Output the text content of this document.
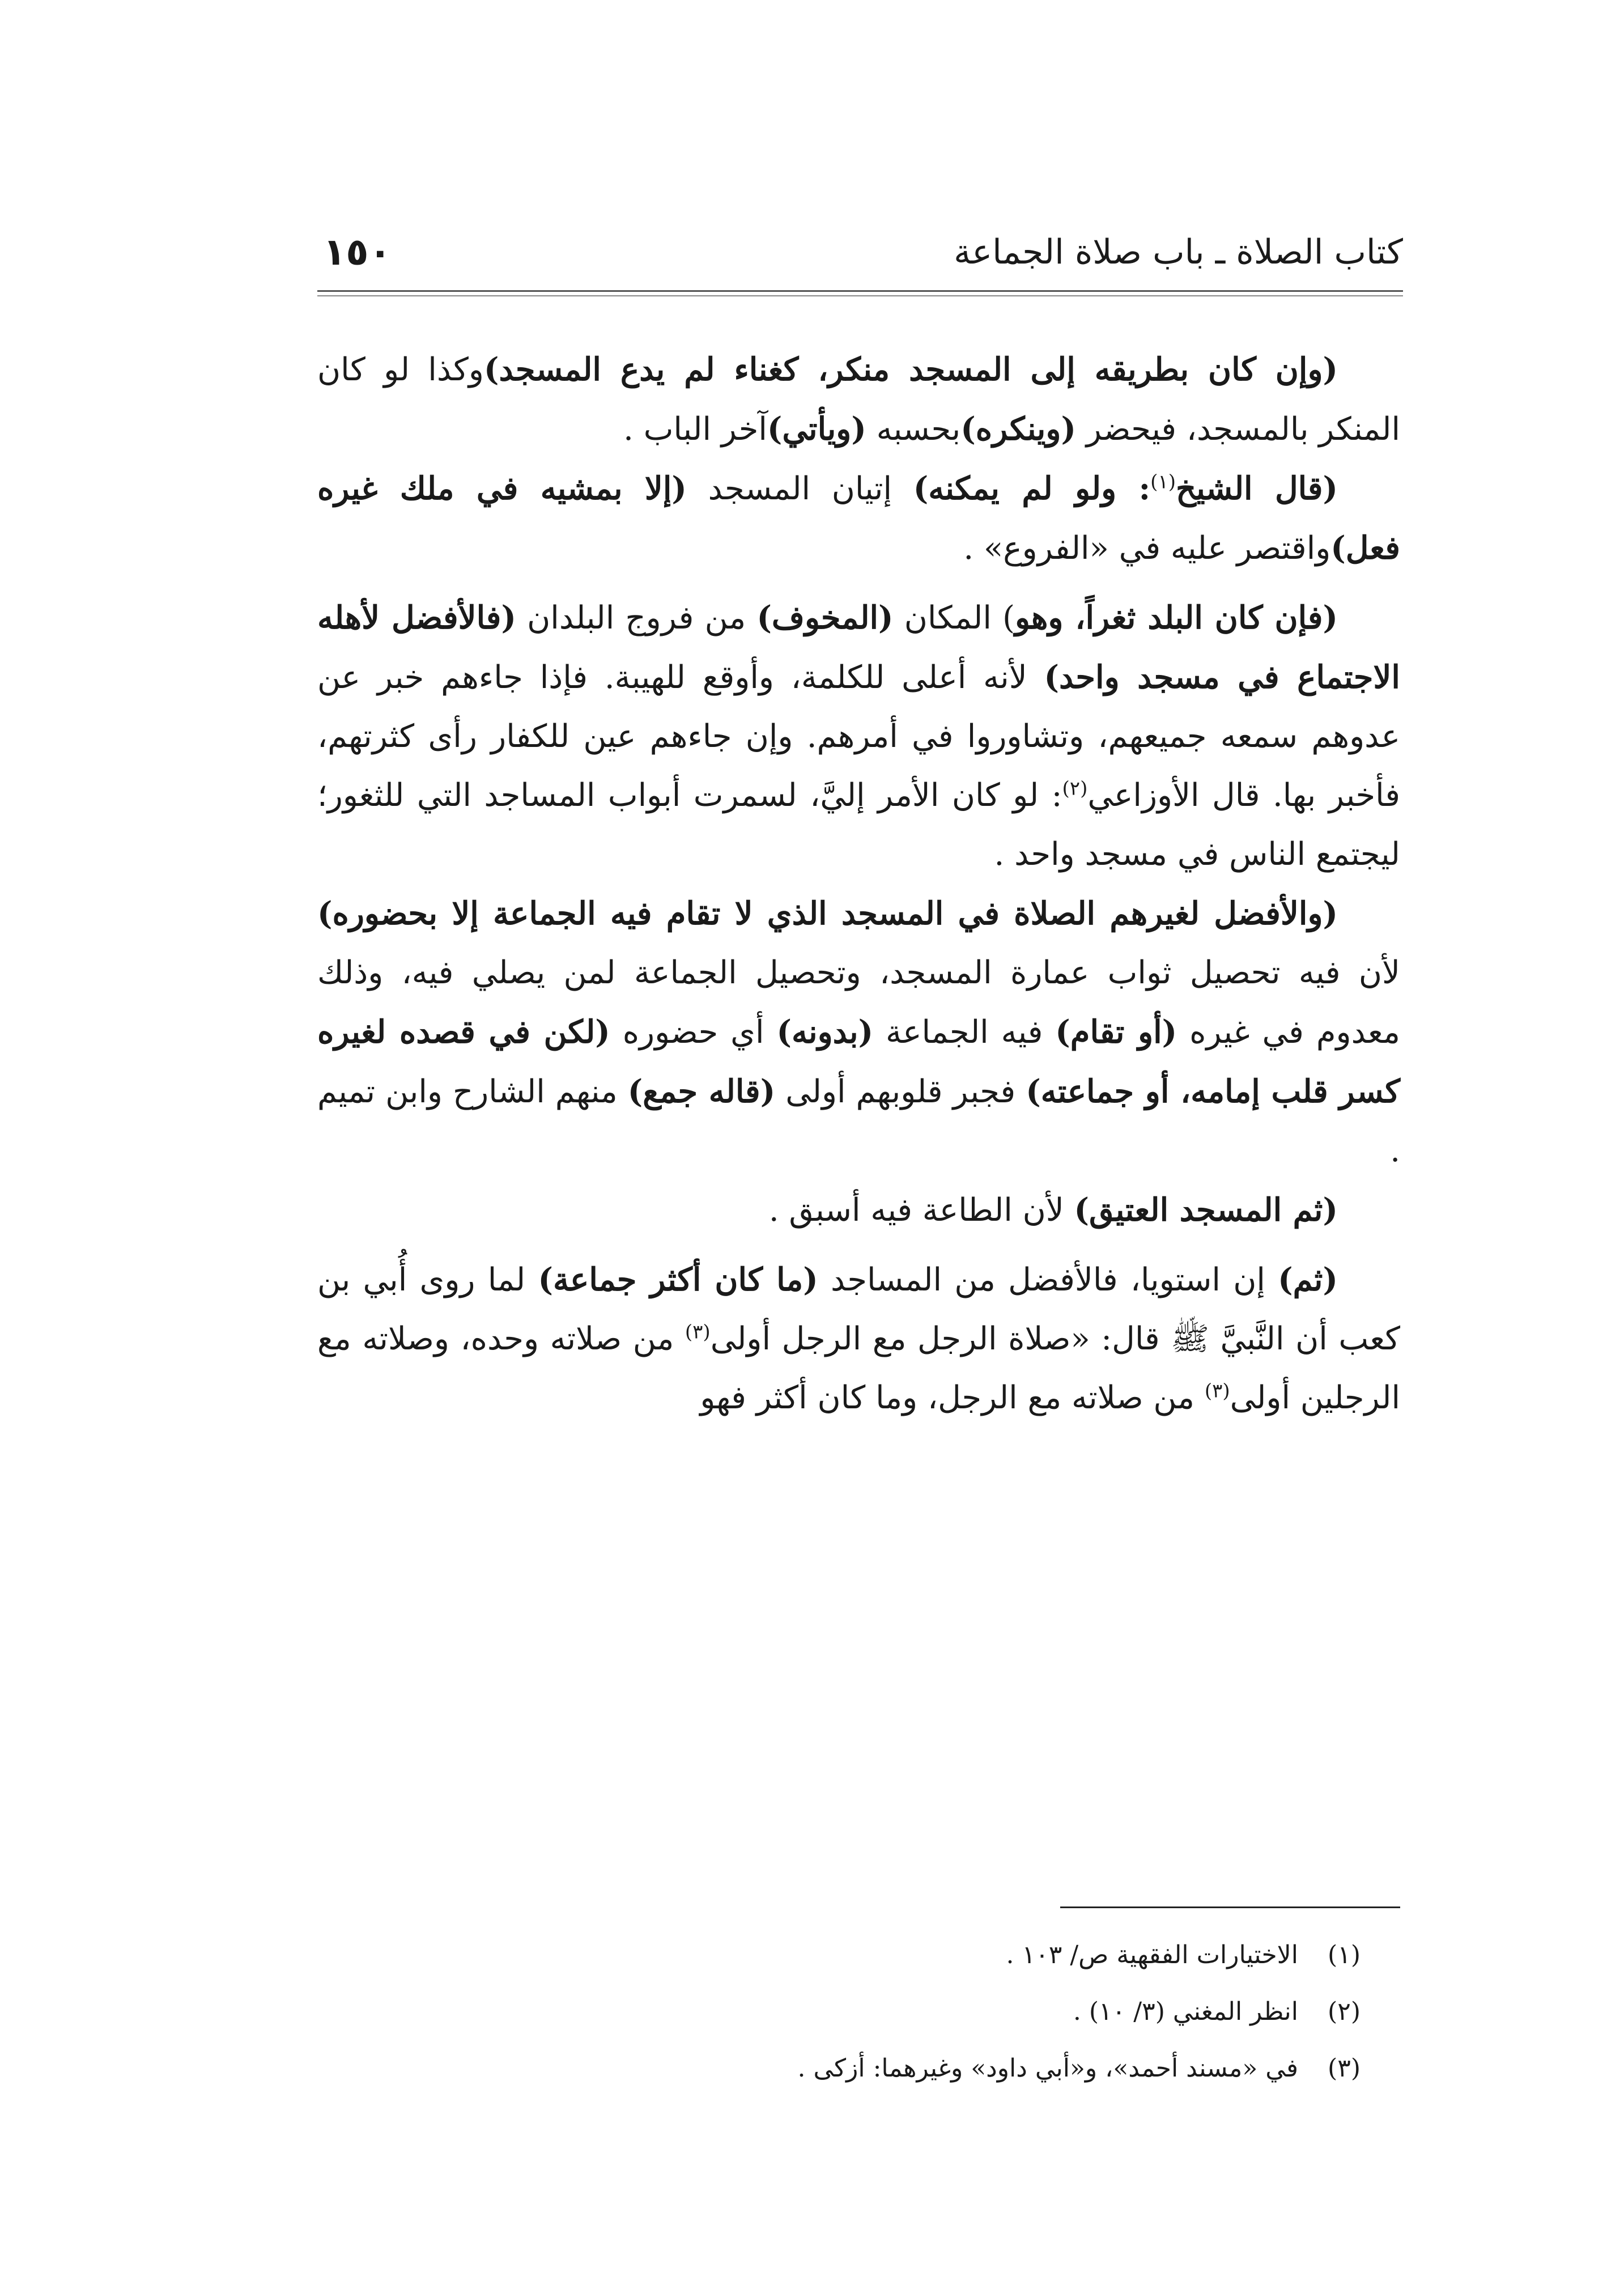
كتاب الصلاة ـ باب صلاة الجماعة
١٥٠

(وإن كان بطريقه إلى المسجد منكر، كغناء لم يدع المسجد)وكذا لو كان المنكر بالمسجد، فيحضر (وينكره)بحسبه (ويأتي)آخر الباب .

(قال الشيخ$^{(١)}$: ولو لم يمكنه) إتيان المسجد (إلا بمشيه في ملك غيره فعل)واقتصر عليه في «الفروع» .

(فإن كان البلد ثغراً، وهو) المكان (المخوف) من فروج البلدان (فالأفضل لأهله الاجتماع في مسجد واحد) لأنه أعلى للكلمة، وأوقع للهيبة. فإذا جاءهم خبر عن عدوهم سمعه جميعهم، وتشاوروا في أمرهم. وإن جاءهم عين للكفار رأى كثرتهم، فأخبر بها. قال الأوزاعي$^{(٢)}$: لو كان الأمر إليَّ، لسمرت أبواب المساجد التي للثغور؛ ليجتمع الناس في مسجد واحد .

(والأفضل لغيرهم الصلاة في المسجد الذي لا تقام فيه الجماعة إلا بحضوره) لأن فيه تحصيل ثواب عمارة المسجد، وتحصيل الجماعة لمن يصلي فيه، وذلك معدوم في غيره (أو تقام) فيه الجماعة (بدونه) أي حضوره (لكن في قصده لغيره كسر قلب إمامه، أو جماعته) فجبر قلوبهم أولى (قاله جمع) منهم الشارح وابن تميم .

(ثم المسجد العتيق) لأن الطاعة فيه أسبق .

(ثم) إن استويا، فالأفضل من المساجد (ما كان أكثر جماعة) لما روى أُبي بن كعب أن النَّبيَّ ﷺ قال: «صلاة الرجل مع الرجل أولى$^{(٣)}$ من صلاته وحده، وصلاته مع الرجلين أولى$^{(٣)}$ من صلاته مع الرجل، وما كان أكثر فهو

(١)
الاختيارات الفقهية ص/ ١٠٣ .
(٢)
انظر المغني (٣/ ١٠) .
(٣)
في «مسند أحمد»، و«أبي داود» وغيرهما: أزكى .
